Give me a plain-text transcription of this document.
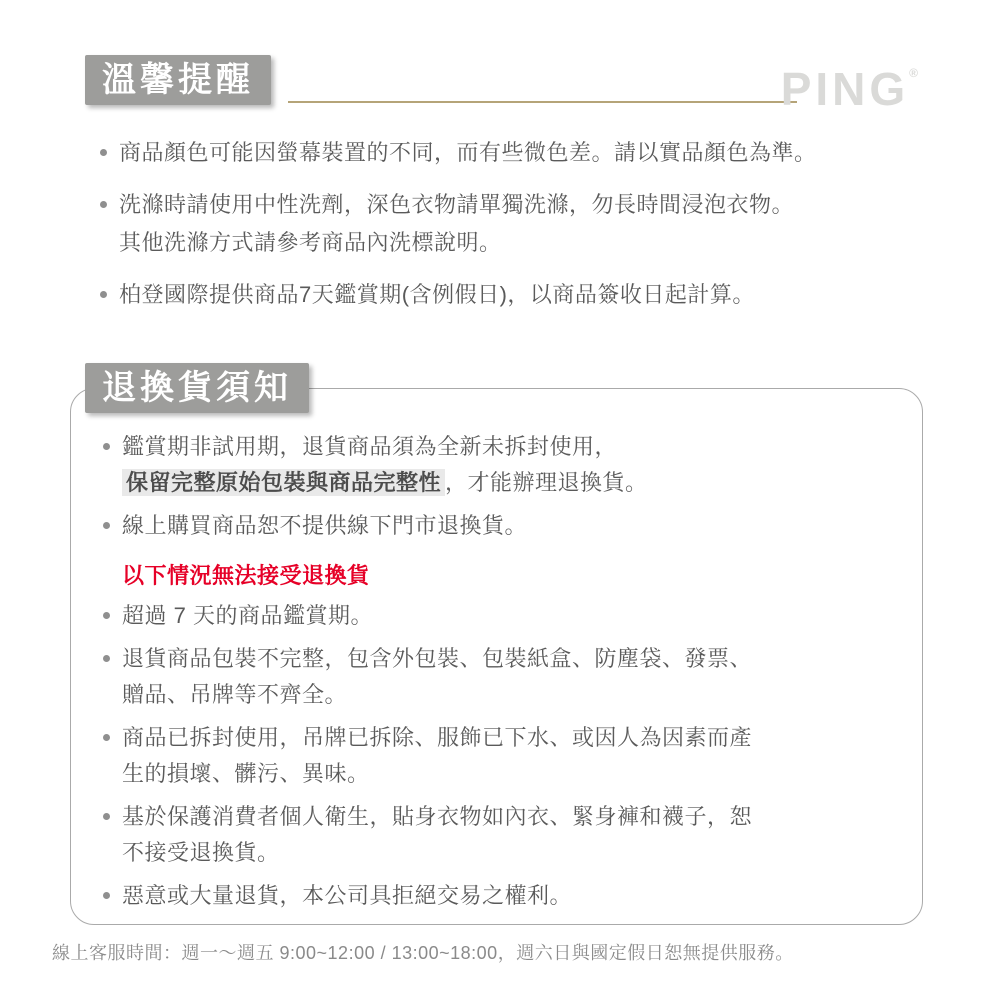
溫馨提醒	PING®
商品顏色可能因螢幕裝置的不同，而有些微色差。請以實品顏色為準。
洗滌時請使用中性洗劑，深色衣物請單獨洗滌，勿長時間浸泡衣物。
其他洗滌方式請參考商品內洗標說明。
柏登國際提供商品7天鑑賞期(含例假日)，以商品簽收日起計算。
退換貨須知
鑑賞期非試用期，退貨商品須為全新未拆封使用，
保留完整原始包裝與商品完整性 ，才能辦理退換貨。
線上購買商品恕不提供線下門市退換貨。
以下情況無法接受退換貨
超過 7 天的商品鑑賞期。
退貨商品包裝不完整，包含外包裝、包裝紙盒、防塵袋、發票、
贈品、吊牌等不齊全。
商品已拆封使用，吊牌已拆除、服飾已下水、或因人為因素而產
生的損壞、髒污、異味。
基於保護消費者個人衛生，貼身衣物如內衣、緊身褲和襪子，恕
不接受退換貨。
惡意或大量退貨，本公司具拒絕交易之權利。
線上客服時間：週一～週五 9:00~12:00 / 13:00~18:00，週六日與國定假日恕無提供服務。
